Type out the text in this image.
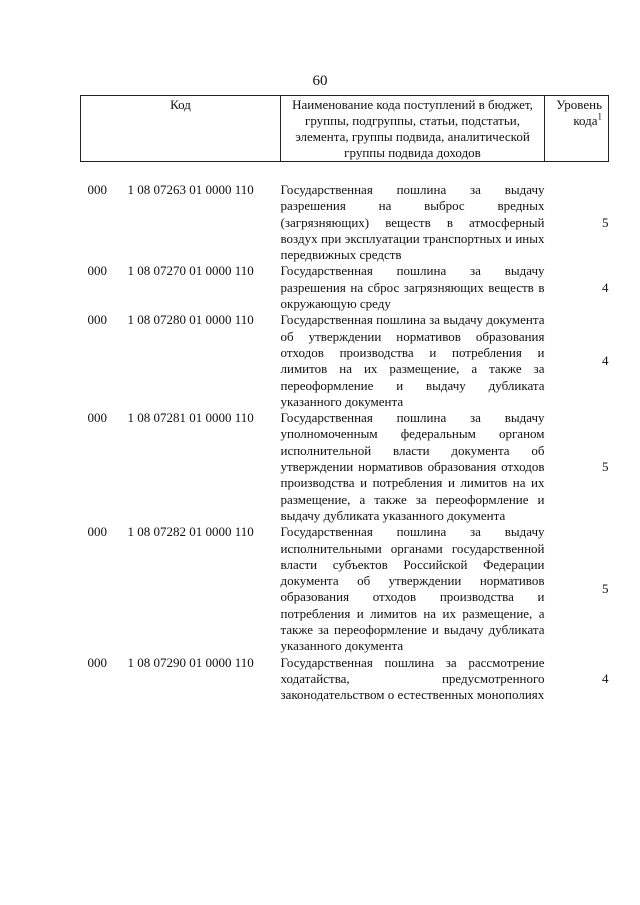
60
Код	Наименование кода поступлений в бюджет, группы, подгруппы, статьи, подстатьи, элемента, группы подвида, аналитической группы подвида доходов	Уровень кода$^1$

000 1 08 07263 01 0000 110	Государственная пошлина за выдачу разрешения на выброс вредных (загрязняющих) веществ в атмосферный воздух при эксплуатации транспортных и иных передвижных средств	5
000 1 08 07270 01 0000 110	Государственная пошлина за выдачу разрешения на сброс загрязняющих веществ в окружающую среду	4
000 1 08 07280 01 0000 110	Государственная пошлина за выдачу документа об утверждении нормативов образования отходов производства и потребления и лимитов на их размещение, а также за переоформление и выдачу дубликата указанного документа	4
000 1 08 07281 01 0000 110	Государственная пошлина за выдачу уполномоченным федеральным органом исполнительной власти документа об утверждении нормативов образования отходов производства и потребления и лимитов на их размещение, а также за переоформление и выдачу дубликата указанного документа	5
000 1 08 07282 01 0000 110	Государственная пошлина за выдачу исполнительными органами государственной власти субъектов Российской Федерации документа об утверждении нормативов образования отходов производства и потребления и лимитов на их размещение, а также за переоформление и выдачу дубликата указанного документа	5
000 1 08 07290 01 0000 110	Государственная пошлина за рассмотрение ходатайства, предусмотренного законодательством о естественных монополиях	4
